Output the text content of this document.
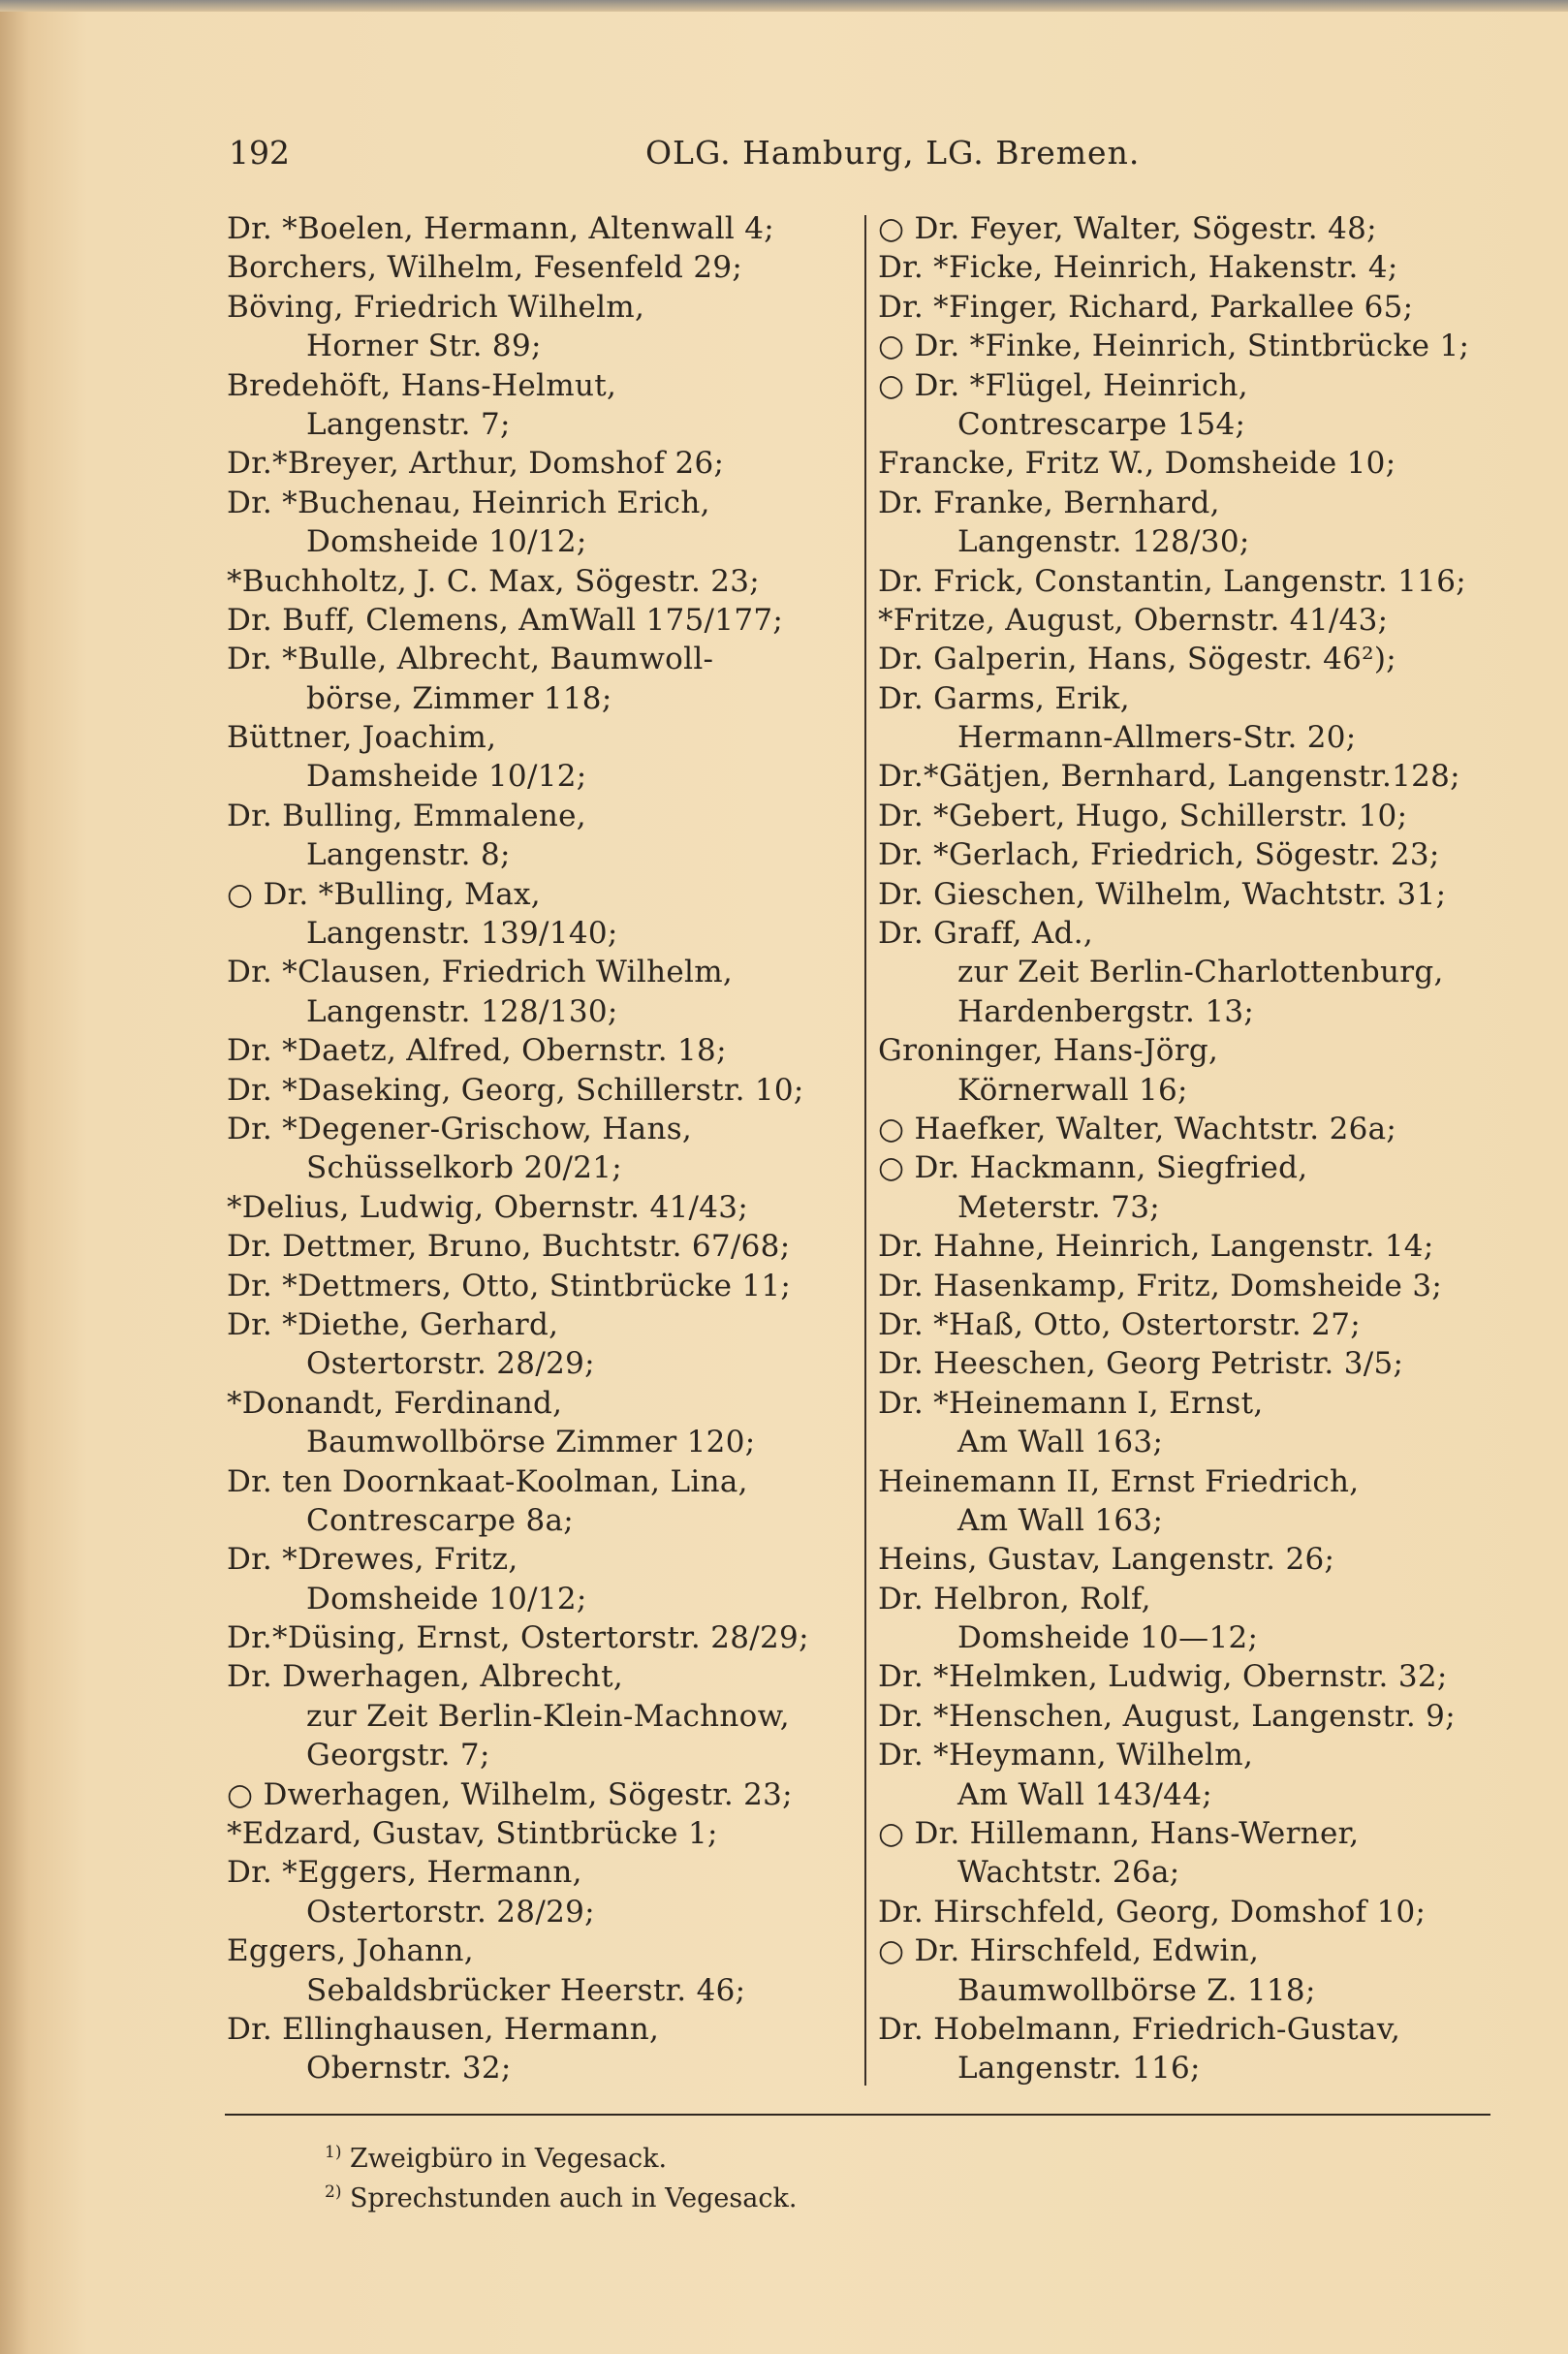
192	OLG. Hamburg, LG. Bremen.
Dr. *Boelen, Hermann, Altenwall 4;
Borchers, Wilhelm, Fesenfeld 29;
Böving, Friedrich Wilhelm,
Horner Str. 89;
Bredehöft, Hans-Helmut,
Langenstr. 7;
Dr.*Breyer, Arthur, Domshof 26;
Dr. *Buchenau, Heinrich Erich,
Domsheide 10/12;
*Buchholtz, J. C. Max, Sögestr. 23;
Dr. Buff, Clemens, AmWall 175/177;
Dr. *Bulle, Albrecht, Baumwoll-
börse, Zimmer 118;
Büttner, Joachim,
Damsheide 10/12;
Dr. Bulling, Emmalene,
Langenstr. 8;
○ Dr. *Bulling, Max,
Langenstr. 139/140;
Dr. *Clausen, Friedrich Wilhelm,
Langenstr. 128/130;
Dr. *Daetz, Alfred, Obernstr. 18;
Dr. *Daseking, Georg, Schillerstr. 10;
Dr. *Degener-Grischow, Hans,
Schüsselkorb 20/21;
*Delius, Ludwig, Obernstr. 41/43;
Dr. Dettmer, Bruno, Buchtstr. 67/68;
Dr. *Dettmers, Otto, Stintbrücke 11;
Dr. *Diethe, Gerhard,
Ostertorstr. 28/29;
*Donandt, Ferdinand,
Baumwollbörse Zimmer 120;
Dr. ten Doornkaat-Koolman, Lina,
Contrescarpe 8a;
Dr. *Drewes, Fritz,
Domsheide 10/12;
Dr.*Düsing, Ernst, Ostertorstr. 28/29;
Dr. Dwerhagen, Albrecht,
zur Zeit Berlin-Klein-Machnow,
Georgstr. 7;
○ Dwerhagen, Wilhelm, Sögestr. 23;
*Edzard, Gustav, Stintbrücke 1;
Dr. *Eggers, Hermann,
Ostertorstr. 28/29;
Eggers, Johann,
Sebaldsbrücker Heerstr. 46;
Dr. Ellinghausen, Hermann,
Obernstr. 32;
○ Dr. Feyer, Walter, Sögestr. 48;
Dr. *Ficke, Heinrich, Hakenstr. 4;
Dr. *Finger, Richard, Parkallee 65;
○ Dr. *Finke, Heinrich, Stintbrücke 1;
○ Dr. *Flügel, Heinrich,
Contrescarpe 154;
Francke, Fritz W., Domsheide 10;
Dr. Franke, Bernhard,
Langenstr. 128/30;
Dr. Frick, Constantin, Langenstr. 116;
*Fritze, August, Obernstr. 41/43;
Dr. Galperin, Hans, Sögestr. 46²);
Dr. Garms, Erik,
Hermann-Allmers-Str. 20;
Dr.*Gätjen, Bernhard, Langenstr.128;
Dr. *Gebert, Hugo, Schillerstr. 10;
Dr. *Gerlach, Friedrich, Sögestr. 23;
Dr. Gieschen, Wilhelm, Wachtstr. 31;
Dr. Graff, Ad.,
zur Zeit Berlin-Charlottenburg,
Hardenbergstr. 13;
Groninger, Hans-Jörg,
Körnerwall 16;
○ Haefker, Walter, Wachtstr. 26a;
○ Dr. Hackmann, Siegfried,
Meterstr. 73;
Dr. Hahne, Heinrich, Langenstr. 14;
Dr. Hasenkamp, Fritz, Domsheide 3;
Dr. *Haß, Otto, Ostertorstr. 27;
Dr. Heeschen, Georg Petristr. 3/5;
Dr. *Heinemann I, Ernst,
Am Wall 163;
Heinemann II, Ernst Friedrich,
Am Wall 163;
Heins, Gustav, Langenstr. 26;
Dr. Helbron, Rolf,
Domsheide 10—12;
Dr. *Helmken, Ludwig, Obernstr. 32;
Dr. *Henschen, August, Langenstr. 9;
Dr. *Heymann, Wilhelm,
Am Wall 143/44;
○ Dr. Hillemann, Hans-Werner,
Wachtstr. 26a;
Dr. Hirschfeld, Georg, Domshof 10;
○ Dr. Hirschfeld, Edwin,
Baumwollbörse Z. 118;
Dr. Hobelmann, Friedrich-Gustav,
Langenstr. 116;
$^{1)}$ Zweigbüro in Vegesack.
$^{2)}$ Sprechstunden auch in Vegesack.
